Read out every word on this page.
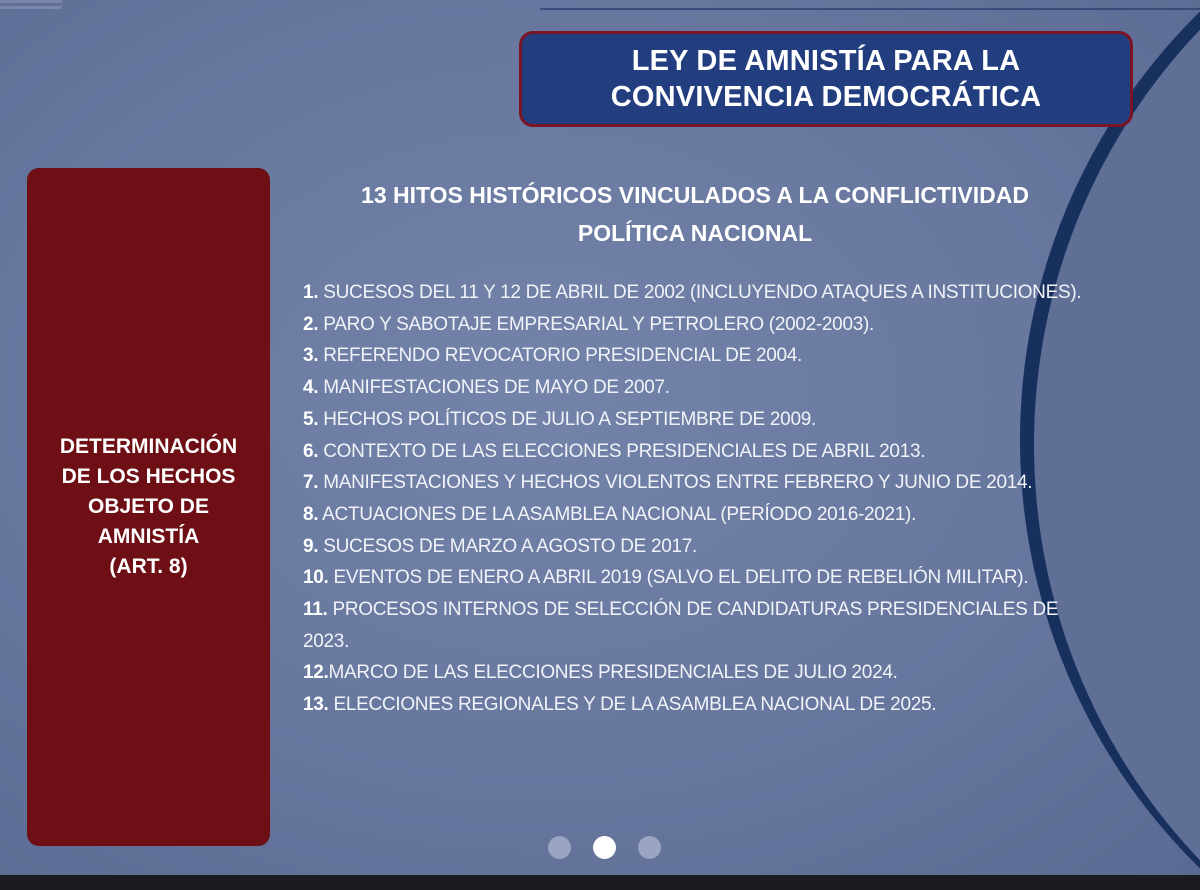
LEY DE AMNISTÍA PARA LA
CONVIVENCIA DEMOCRÁTICA
DETERMINACIÓN
DE LOS HECHOS
OBJETO DE
AMNISTÍA
(ART. 8)
13 HITOS HISTÓRICOS VINCULADOS A LA CONFLICTIVIDAD
POLÍTICA NACIONAL
1. SUCESOS DEL 11 Y 12 DE ABRIL DE 2002 (INCLUYENDO ATAQUES A INSTITUCIONES).
2. PARO Y SABOTAJE EMPRESARIAL Y PETROLERO (2002-2003).
3. REFERENDO REVOCATORIO PRESIDENCIAL DE 2004.
4. MANIFESTACIONES DE MAYO DE 2007.
5. HECHOS POLÍTICOS DE JULIO A SEPTIEMBRE DE 2009.
6. CONTEXTO DE LAS ELECCIONES PRESIDENCIALES DE ABRIL 2013.
7. MANIFESTACIONES Y HECHOS VIOLENTOS ENTRE FEBRERO Y JUNIO DE 2014.
8. ACTUACIONES DE LA ASAMBLEA NACIONAL (PERÍODO 2016-2021).
9. SUCESOS DE MARZO A AGOSTO DE 2017.
10. EVENTOS DE ENERO A ABRIL 2019 (SALVO EL DELITO DE REBELIÓN MILITAR).
11. PROCESOS INTERNOS DE SELECCIÓN DE CANDIDATURAS PRESIDENCIALES DE 2023.
12.MARCO DE LAS ELECCIONES PRESIDENCIALES DE JULIO 2024.
13. ELECCIONES REGIONALES Y DE LA ASAMBLEA NACIONAL DE 2025.
